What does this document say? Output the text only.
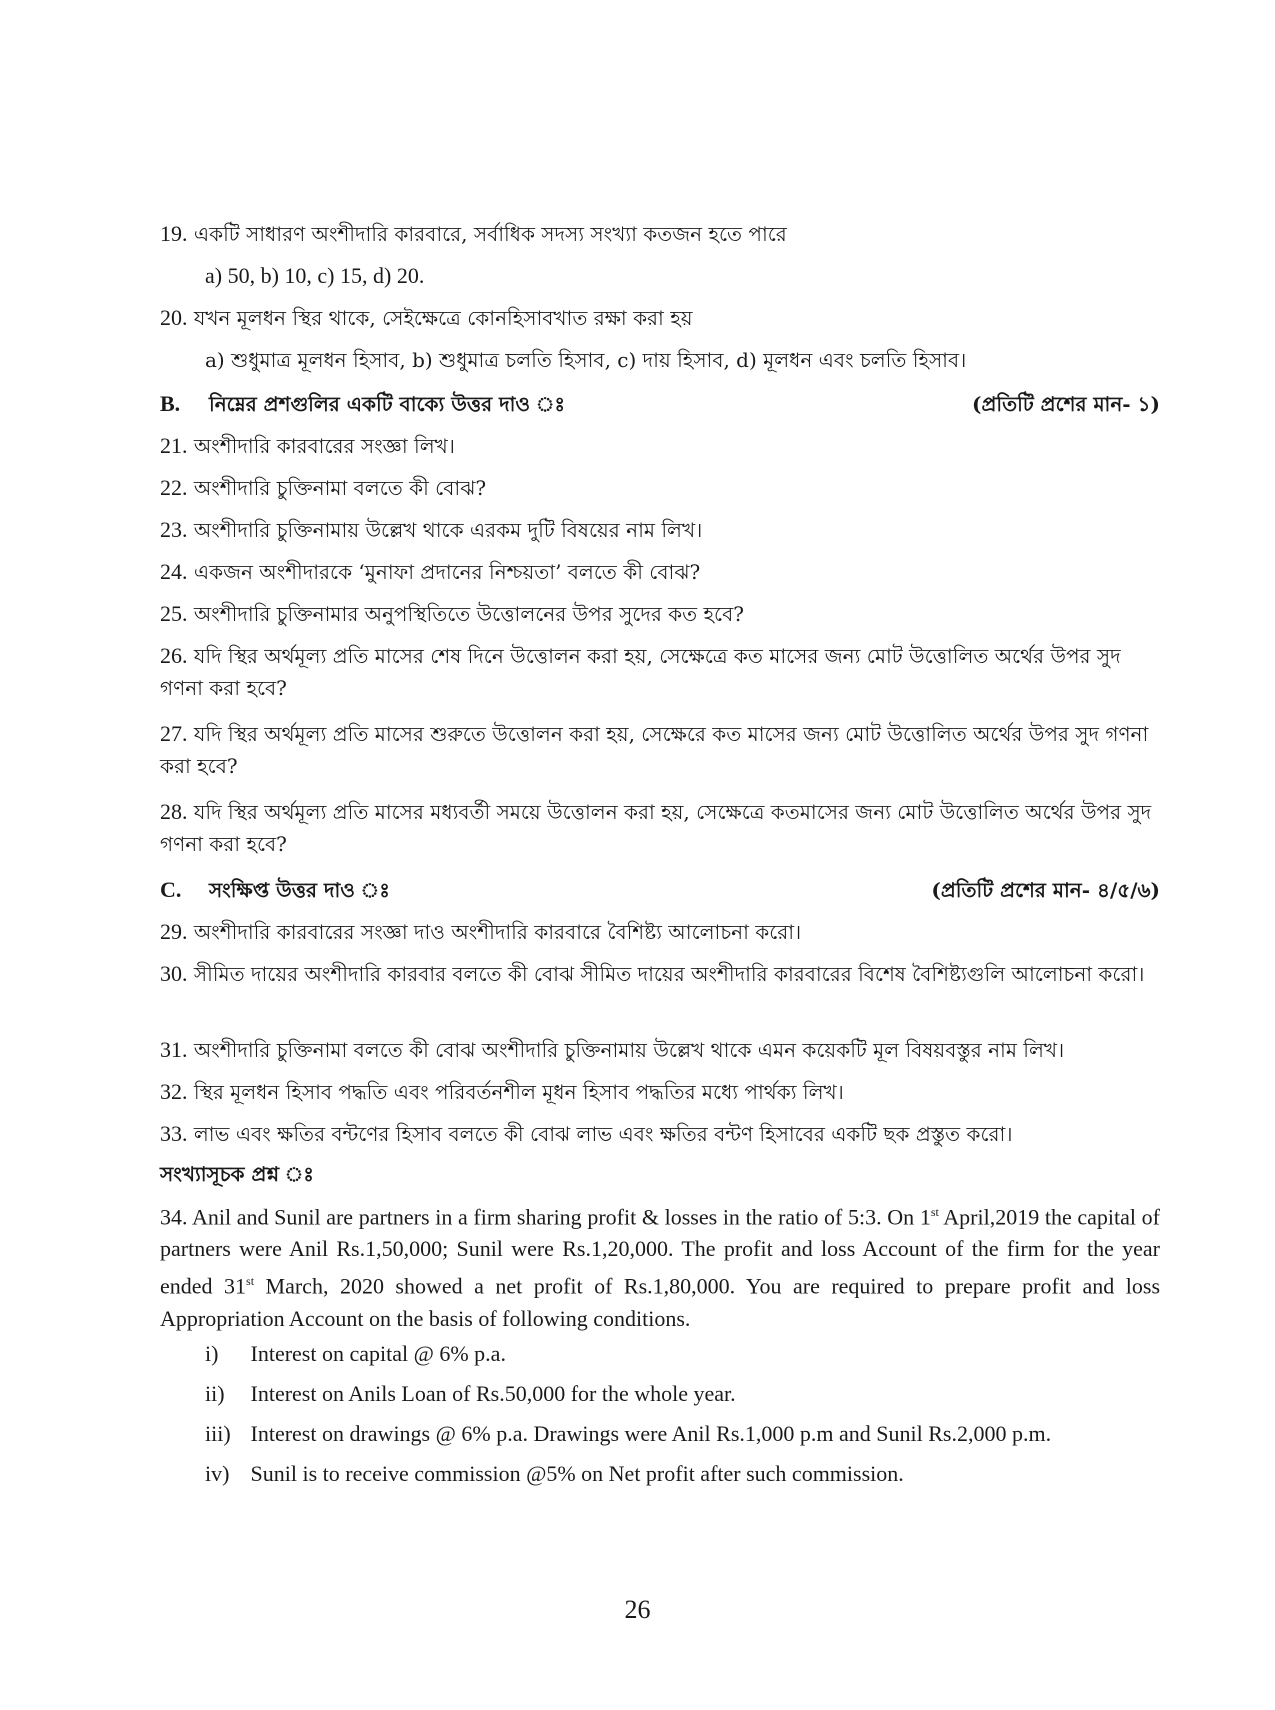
19. একটি সাধারণ অংশীদারি কারবারে, সর্বাধিক সদস্য সংখ্যা কতজন হতে পারে
a) 50, b) 10, c) 15, d) 20.
20. যখন মূলধন স্থির থাকে, সেইক্ষেত্রে কোনহিসাবখাত রক্ষা করা হয়
a) শুধুমাত্র মূলধন হিসাব, b) শুধুমাত্র চলতি হিসাব, c) দায় হিসাব, d) মূলধন এবং চলতি হিসাব।
B. নিম্নের প্রশগুলির একটি বাক্যে উত্তর দাও ঃ	(প্রতিটি প্রশের মান- ১)
21. অংশীদারি কারবারের সংজ্ঞা লিখ।
22. অংশীদারি চুক্তিনামা বলতে কী বোঝ?
23. অংশীদারি চুক্তিনামায় উল্লেখ থাকে এরকম দুটি বিষয়ের নাম লিখ।
24. একজন অংশীদারকে ‘মুনাফা প্রদানের নিশ্চয়তা’ বলতে কী বোঝ?
25. অংশীদারি চুক্তিনামার অনুপস্থিতিতে উত্তোলনের উপর সুদের কত হবে?
26. যদি স্থির অর্থমূল্য প্রতি মাসের শেষ দিনে উত্তোলন করা হয়, সেক্ষেত্রে কত মাসের জন্য মোট উত্তোলিত অর্থের উপর সুদ গণনা করা হবে?
27. যদি স্থির অর্থমূল্য প্রতি মাসের শুরুতে উত্তোলন করা হয়, সেক্ষেরে কত মাসের জন্য মোট উত্তোলিত অর্থের উপর সুদ গণনা করা হবে?
28. যদি স্থির অর্থমূল্য প্রতি মাসের মধ্যবর্তী সময়ে উত্তোলন করা হয়, সেক্ষেত্রে কতমাসের জন্য মোট উত্তোলিত অর্থের উপর সুদ গণনা করা হবে?
C. সংক্ষিপ্ত উত্তর দাও ঃ	(প্রতিটি প্রশের মান- ৪/৫/৬)
29. অংশীদারি কারবারের সংজ্ঞা দাও অংশীদারি কারবারে বৈশিষ্ট্য আলোচনা করো।
30. সীমিত দায়ের অংশীদারি কারবার বলতে কী বোঝ সীমিত দায়ের অংশীদারি কারবারের বিশেষ বৈশিষ্ট্যগুলি আলোচনা করো।
31. অংশীদারি চুক্তিনামা বলতে কী বোঝ অংশীদারি চুক্তিনামায় উল্লেখ থাকে এমন কয়েকটি মূল বিষয়বস্তুর নাম লিখ।
32. স্থির মূলধন হিসাব পদ্ধতি এবং পরিবর্তনশীল মূধন হিসাব পদ্ধতির মধ্যে পার্থক্য লিখ।
33. লাভ এবং ক্ষতির বন্টণের হিসাব বলতে কী বোঝ লাভ এবং ক্ষতির বন্টণ হিসাবের একটি ছক প্রস্তুত করো।
সংখ্যাসূচক প্রশ্ন ঃ
34. Anil and Sunil are partners in a firm sharing profit & losses in the ratio of 5:3. On 1st April,2019 the capital of partners were Anil Rs.1,50,000; Sunil were Rs.1,20,000. The profit and loss Account of the firm for the year ended 31st March, 2020 showed a net profit of Rs.1,80,000. You are required to prepare profit and loss Appropriation Account on the basis of following conditions.
i) Interest on capital @ 6% p.a.
ii) Interest on Anils Loan of Rs.50,000 for the whole year.
iii) Interest on drawings @ 6% p.a. Drawings were Anil Rs.1,000 p.m and Sunil Rs.2,000 p.m.
iv) Sunil is to receive commission @5% on Net profit after such commission.
26
